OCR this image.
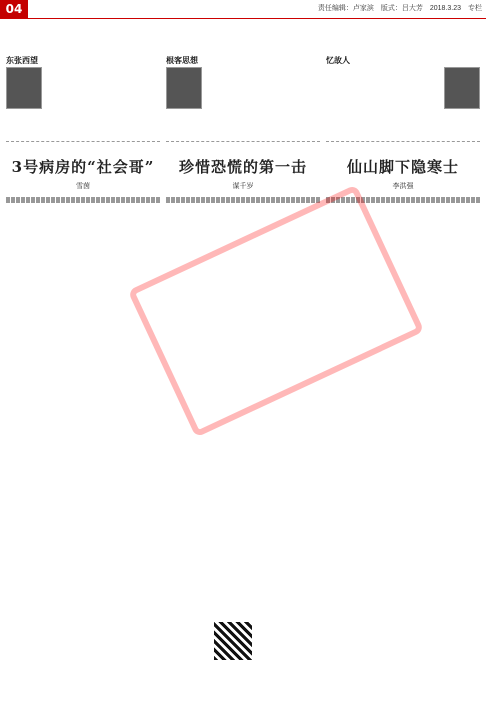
04	责任编辑：卢家滨　版式：吕大芳　2018.3.23　专栏
东张西望
3号病房的“社会哥”
雪茵
根客思想
珍惜恐慌的第一击
谋千岁
忆故人
仙山脚下隐寒士
李洪强
